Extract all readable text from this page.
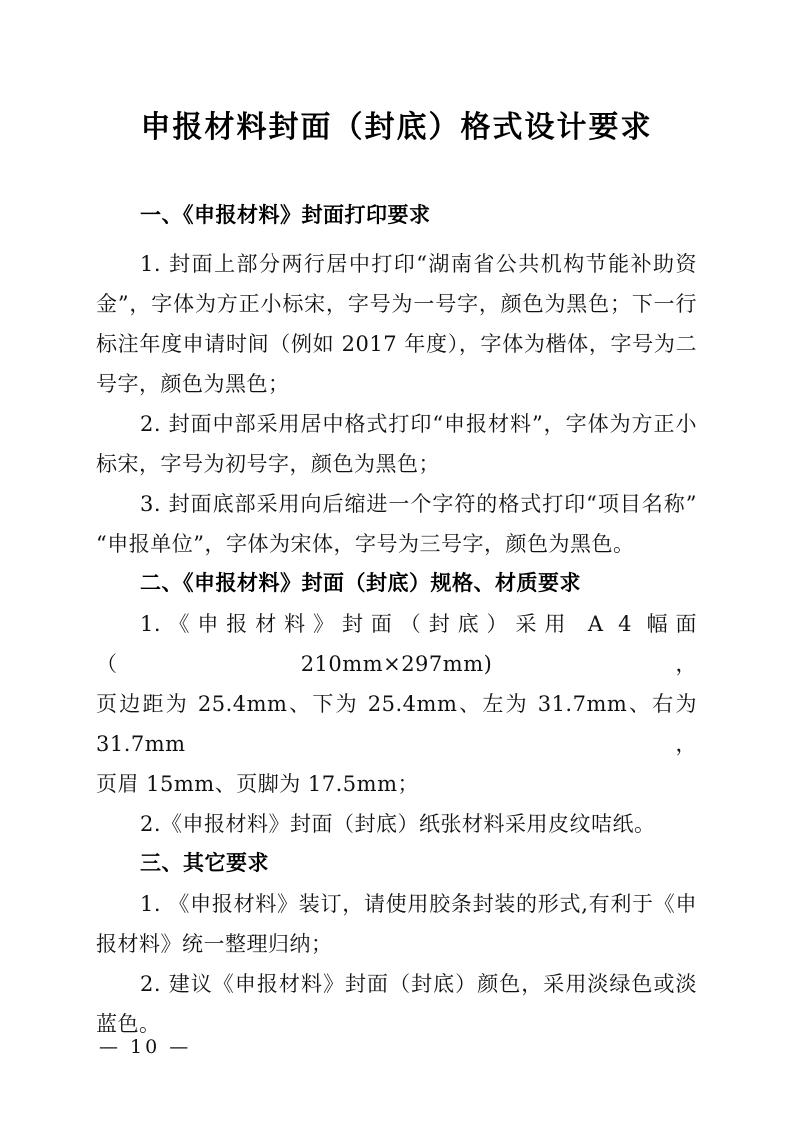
申报材料封面（封底）格式设计要求
一、《申报材料》封面打印要求
1. 封面上部分两行居中打印“湖南省公共机构节能补助资
金”，字体为方正小标宋，字号为一号字，颜色为黑色；下一行
标注年度申请时间（例如 2017 年度），字体为楷体，字号为二
号字，颜色为黑色；
2. 封面中部采用居中格式打印“申报材料”，字体为方正小
标宋，字号为初号字，颜色为黑色；
3. 封面底部采用向后缩进一个字符的格式打印“项目名称”
“申报单位”，字体为宋体，字号为三号字，颜色为黑色。
二、《申报材料》封面（封底）规格、材质要求
1.《申报材料》封面（封底）采用 A 4 幅面（210mm×297mm)，
页边距为 25.4mm、下为 25.4mm、左为 31.7mm、右为 31.7mm，
页眉 15mm、页脚为 17.5mm；
2.《申报材料》封面（封底）纸张材料采用皮纹咭纸。
三、其它要求
1. 《申报材料》装订，请使用胶条封装的形式,有利于《申
报材料》统一整理归纳；
2. 建议《申报材料》封面（封底）颜色，采用淡绿色或淡
蓝色。
— 10 —
